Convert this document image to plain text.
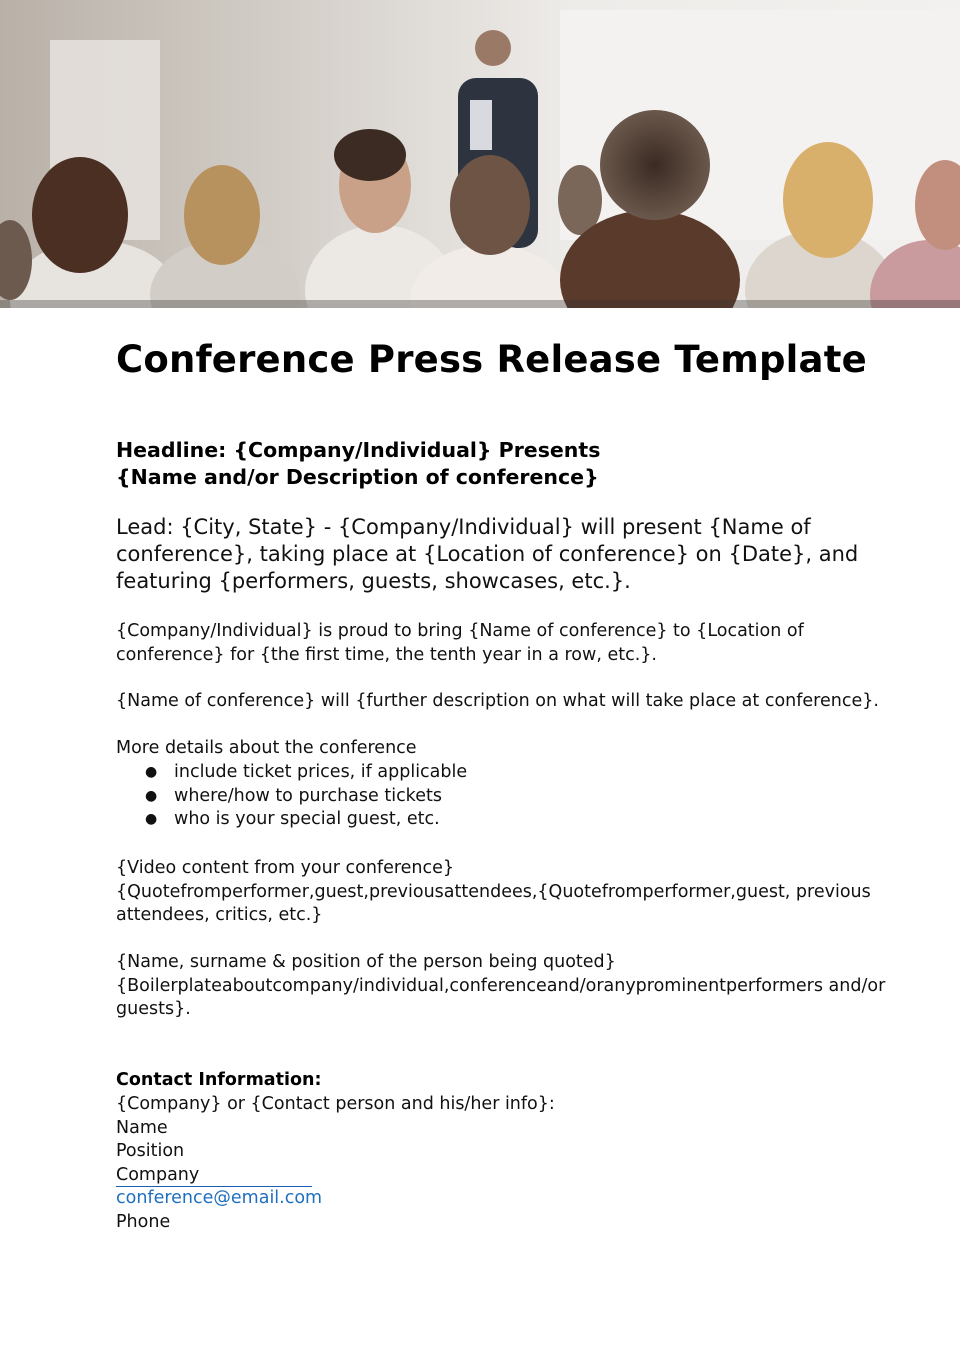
Conference Press Release Template

Headline: {Company/Individual} Presents {Name and/or Description of conference}

Lead: {City, State} - {Company/Individual} will present {Name of conference}, taking place at {Location of conference} on {Date}, and featuring {performers, guests, showcases, etc.}.

{Company/Individual} is proud to bring {Name of conference} to {Location of conference} for {the first time, the tenth year in a row, etc.}.

{Name of conference} will {further description on what will take place at conference}.

More details about the conference

● include ticket prices, if applicable
● where/how to purchase tickets
● who is your special guest, etc.
{Video content from your conference}
{Quotefromperformer,guest,previousattendees,{Quotefromperformer,guest, previous attendees, critics, etc.}
{Name, surname & position of the person being quoted}
{Boilerplateaboutcompany/individual,conferenceand/oranyprominentperformers and/or guests}.
Contact Information:
{Company} or {Contact person and his/her info}:
Name
Position
Company
conference@email.com
Phone
